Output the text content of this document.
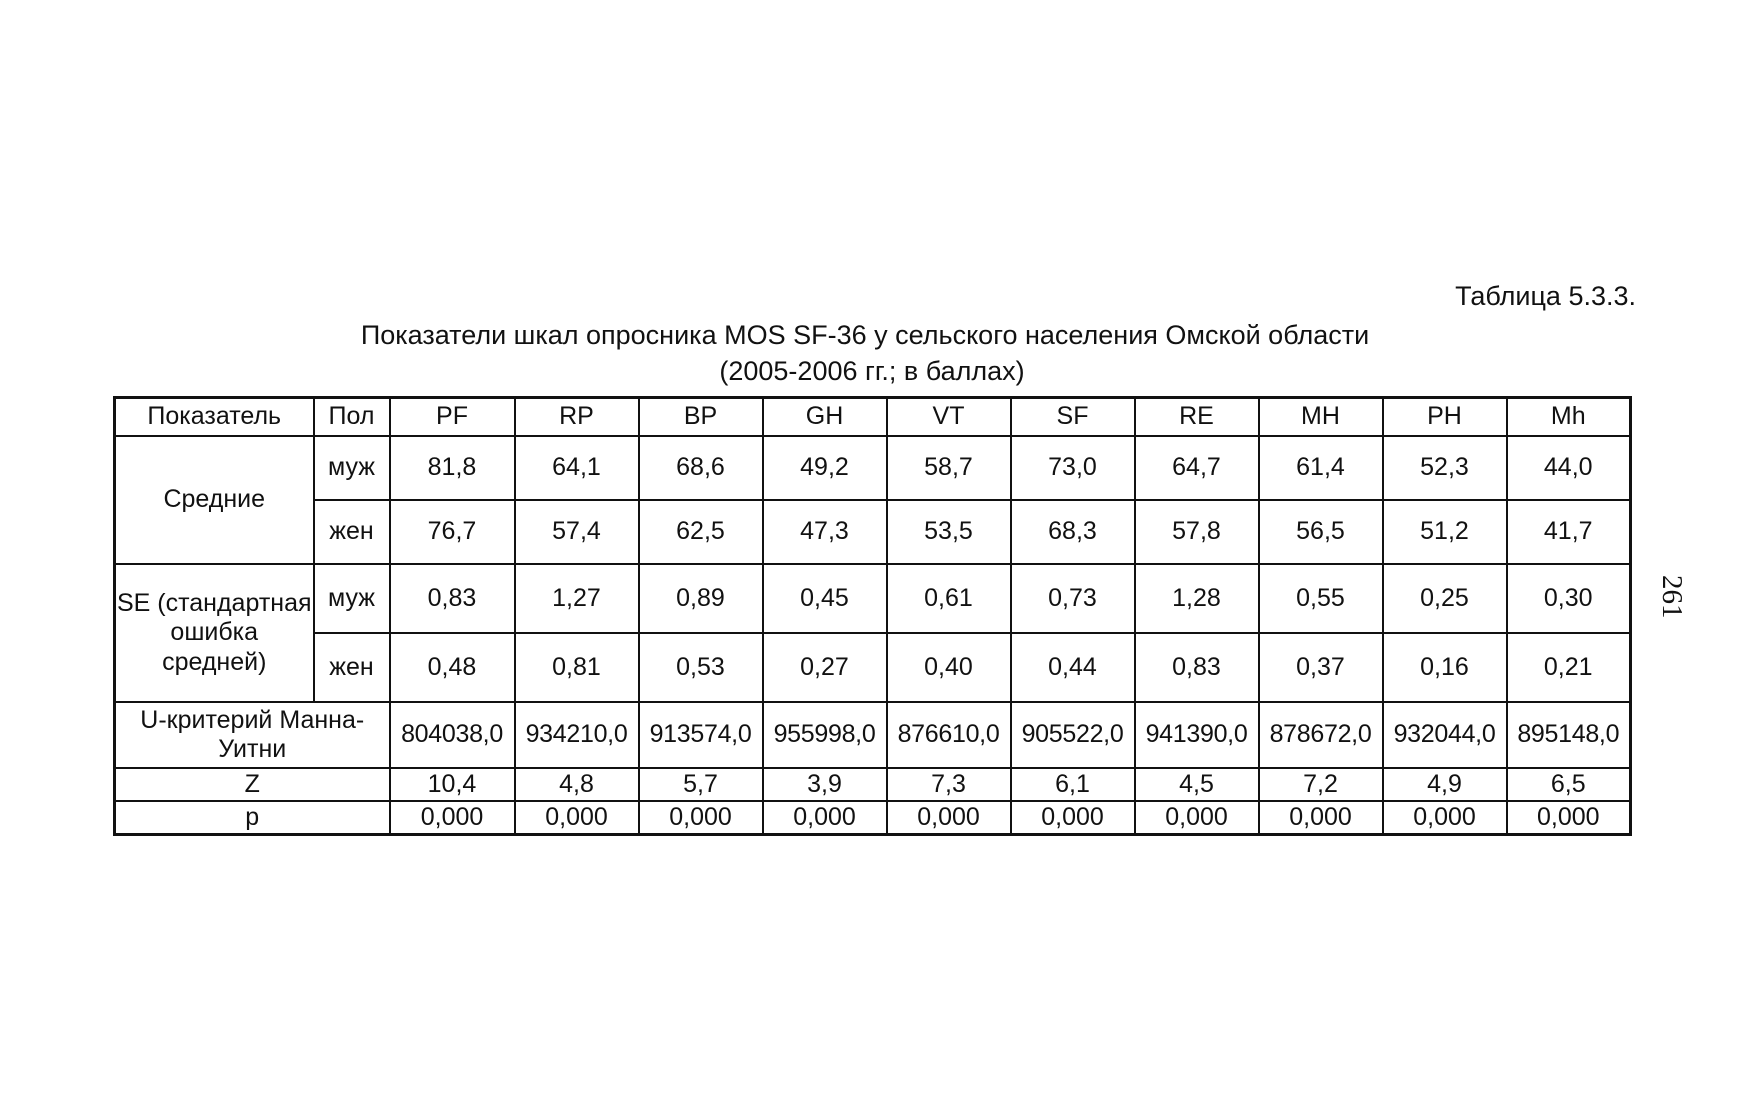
Таблица 5.3.3.
Показатели шкал опросника MOS SF-36 у сельского населения Омской области
(2005-2006 гг.; в баллах)
261
Показатель	Пол	PF	RP	BP	GH	VT	SF	RE	MH	PH	Mh
Средние	муж	81,8	64,1	68,6	49,2	58,7	73,0	64,7	61,4	52,3	44,0
	жен	76,7	57,4	62,5	47,3	53,5	68,3	57,8	56,5	51,2	41,7
SE (стандартная ошибка средней)	муж	0,83	1,27	0,89	0,45	0,61	0,73	1,28	0,55	0,25	0,30
	жен	0,48	0,81	0,53	0,27	0,40	0,44	0,83	0,37	0,16	0,21
U-критерий Манна-Уитни		804038,0	934210,0	913574,0	955998,0	876610,0	905522,0	941390,0	878672,0	932044,0	895148,0
Z		10,4	4,8	5,7	3,9	7,3	6,1	4,5	7,2	4,9	6,5
p		0,000	0,000	0,000	0,000	0,000	0,000	0,000	0,000	0,000	0,000
